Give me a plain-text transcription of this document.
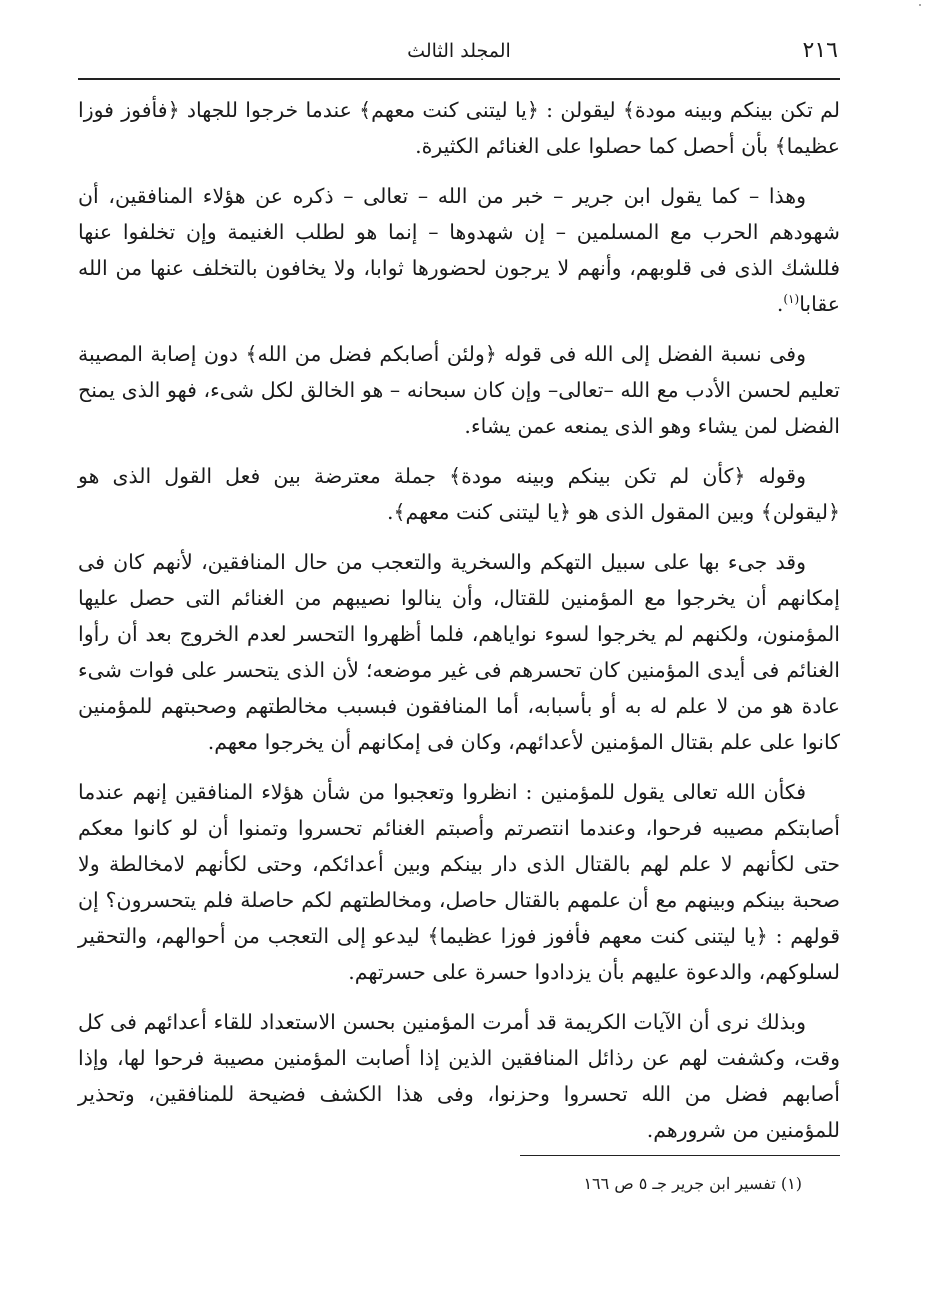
٢١٦
المجلد الثالث

لم تكن بينكم وبينه مودة﴾ ليقولن : ﴿يا ليتنى كنت معهم﴾ عندما خرجوا للجهاد ﴿فأفوز فوزا عظيما﴾ بأن أحصل كما حصلوا على الغنائم الكثيرة.

وهذا – كما يقول ابن جرير – خبر من الله – تعالى – ذكره عن هؤلاء المنافقين، أن شهودهم الحرب مع المسلمين – إن شهدوها – إنما هو لطلب الغنيمة وإن تخلفوا عنها فللشك الذى فى قلوبهم، وأنهم لا يرجون لحضورها ثوابا، ولا يخافون بالتخلف عنها من الله عقابا$^{(١)}$.

وفى نسبة الفضل إلى الله فى قوله ﴿ولئن أصابكم فضل من الله﴾ دون إصابة المصيبة تعليم لحسن الأدب مع الله –تعالى– وإن كان سبحانه – هو الخالق لكل شىء، فهو الذى يمنح الفضل لمن يشاء وهو الذى يمنعه عمن يشاء.

وقوله ﴿كأن لم تكن بينكم وبينه مودة﴾ جملة معترضة بين فعل القول الذى هو ﴿ليقولن﴾ وبين المقول الذى هو ﴿يا ليتنى كنت معهم﴾.

وقد جىء بها على سبيل التهكم والسخرية والتعجب من حال المنافقين، لأنهم كان فى إمكانهم أن يخرجوا مع المؤمنين للقتال، وأن ينالوا نصيبهم من الغنائم التى حصل عليها المؤمنون، ولكنهم لم يخرجوا لسوء نواياهم، فلما أظهروا التحسر لعدم الخروج بعد أن رأوا الغنائم فى أيدى المؤمنين كان تحسرهم فى غير موضعه؛ لأن الذى يتحسر على فوات شىء عادة هو من لا علم له به أو بأسبابه، أما المنافقون فبسبب مخالطتهم وصحبتهم للمؤمنين كانوا على علم بقتال المؤمنين لأعدائهم، وكان فى إمكانهم أن يخرجوا معهم.

فكأن الله تعالى يقول للمؤمنين : انظروا وتعجبوا من شأن هؤلاء المنافقين إنهم عندما أصابتكم مصيبه فرحوا، وعندما انتصرتم وأصبتم الغنائم تحسروا وتمنوا أن لو كانوا معكم حتى لكأنهم لا علم لهم بالقتال الذى دار بينكم وبين أعدائكم، وحتى لكأنهم لامخالطة ولا صحبة بينكم وبينهم مع أن علمهم بالقتال حاصل، ومخالطتهم لكم حاصلة فلم يتحسرون؟ إن قولهم : ﴿يا ليتنى كنت معهم فأفوز فوزا عظيما﴾ ليدعو إلى التعجب من أحوالهم، والتحقير لسلوكهم، والدعوة عليهم بأن يزدادوا حسرة على حسرتهم.

وبذلك نرى أن الآيات الكريمة قد أمرت المؤمنين بحسن الاستعداد للقاء أعدائهم فى كل وقت، وكشفت لهم عن رذائل المنافقين الذين إذا أصابت المؤمنين مصيبة فرحوا لها، وإذا أصابهم فضل من الله تحسروا وحزنوا، وفى هذا الكشف فضيحة للمنافقين، وتحذير للمؤمنين من شرورهم.

(١) تفسير ابن جرير جـ ٥ ص ١٦٦
